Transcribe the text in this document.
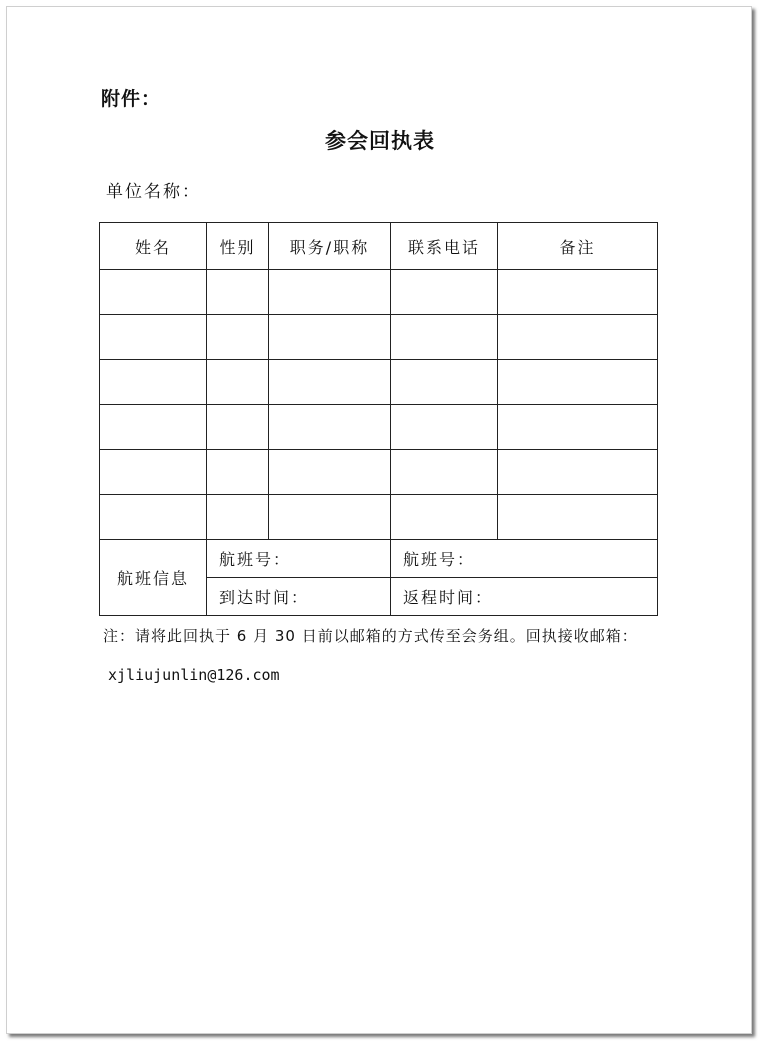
附件：
参会回执表
单位名称：
姓名	性别	职务/职称	联系电话	备注

航班信息	航班号：		航班号：	
	到达时间：		返程时间：	
注：请将此回执于 6 月 30 日前以邮箱的方式传至会务组。回执接收邮箱：
xjliujunlin@126.com
